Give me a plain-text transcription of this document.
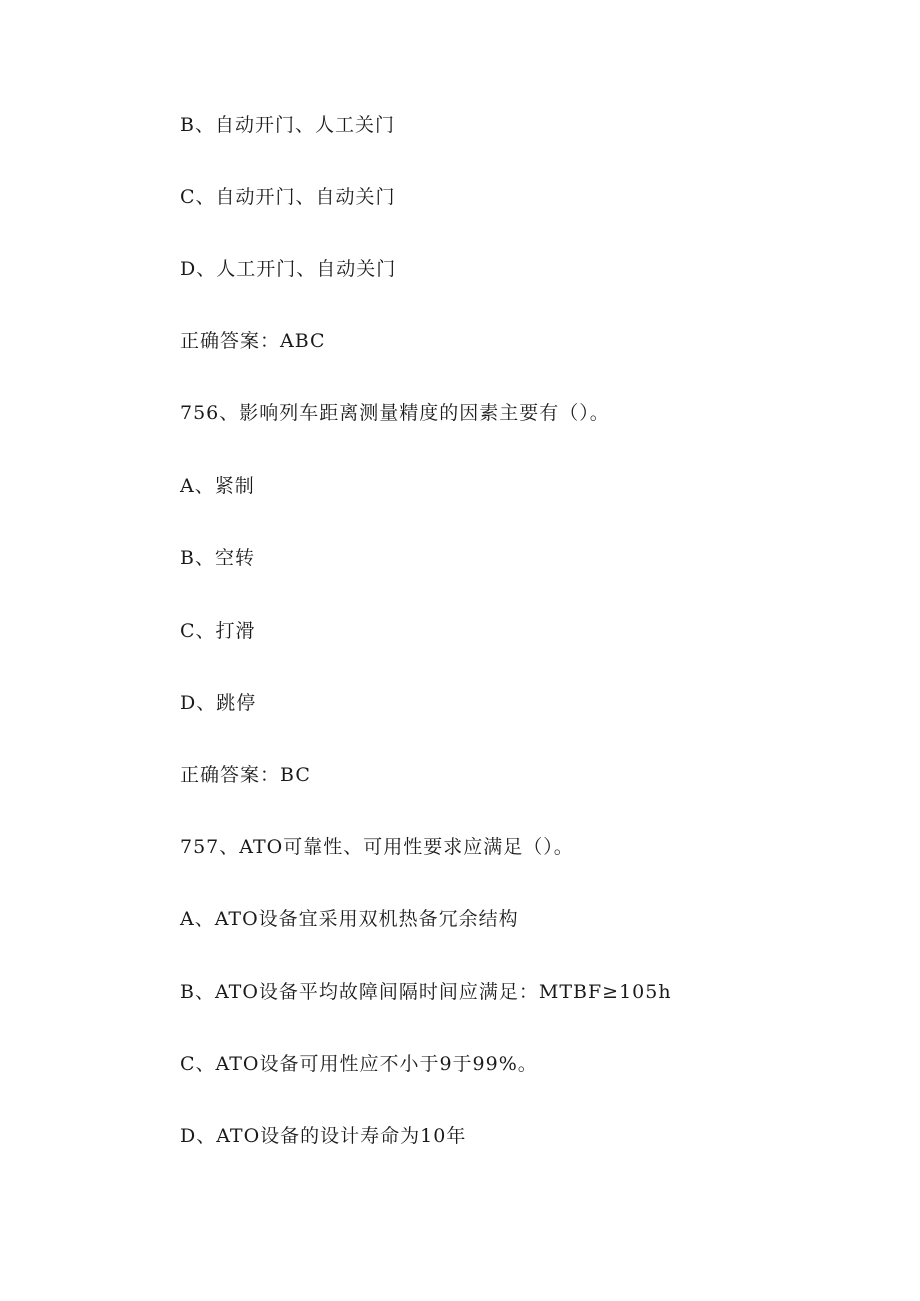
B、自动开门、人工关门
C、自动开门、自动关门
D、人工开门、自动关门
正确答案：ABC
756、影响列车距离测量精度的因素主要有（）。
A、紧制
B、空转
C、打滑
D、跳停
正确答案：BC
757、ATO可靠性、可用性要求应满足（）。
A、ATO设备宜采用双机热备冗余结构
B、ATO设备平均故障间隔时间应满足：MTBF≥105h
C、ATO设备可用性应不小于9于99%。
D、ATO设备的设计寿命为10年
